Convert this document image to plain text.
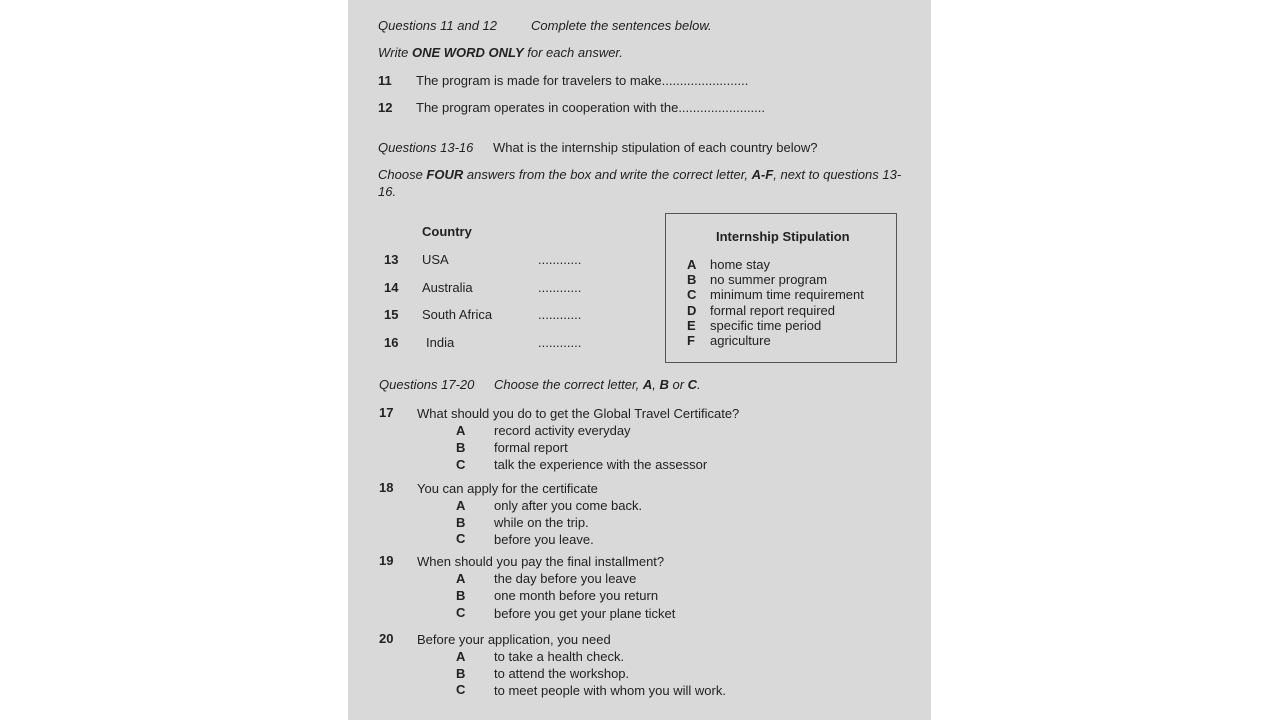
Questions 11 and 12	Complete the sentences below.
Write ONE WORD ONLY for each answer.
11 The program is made for travelers to make........................
12 The program operates in cooperation with the........................
Questions 13-16 What is the internship stipulation of each country below?
Choose FOUR answers from the box and write the correct letter, A-F, next to questions 13-
16.
Country
13 USA	............
14 Australia	............
15 South Africa	............
16 India	............
Internship Stipulation
A home stay
B no summer program
C minimum time requirement
D formal report required
E specific time period
F agriculture
Questions 17-20 Choose the correct letter, A, B or C.
17 What should you do to get the Global Travel Certificate?
A record activity everyday
B formal report
C talk the experience with the assessor
18 You can apply for the certificate
A only after you come back.
B while on the trip.
C before you leave.
19 When should you pay the final installment?
A the day before you leave
B one month before you return
C before you get your plane ticket
20 Before your application, you need
A to take a health check.
B to attend the workshop.
C to meet people with whom you will work.
